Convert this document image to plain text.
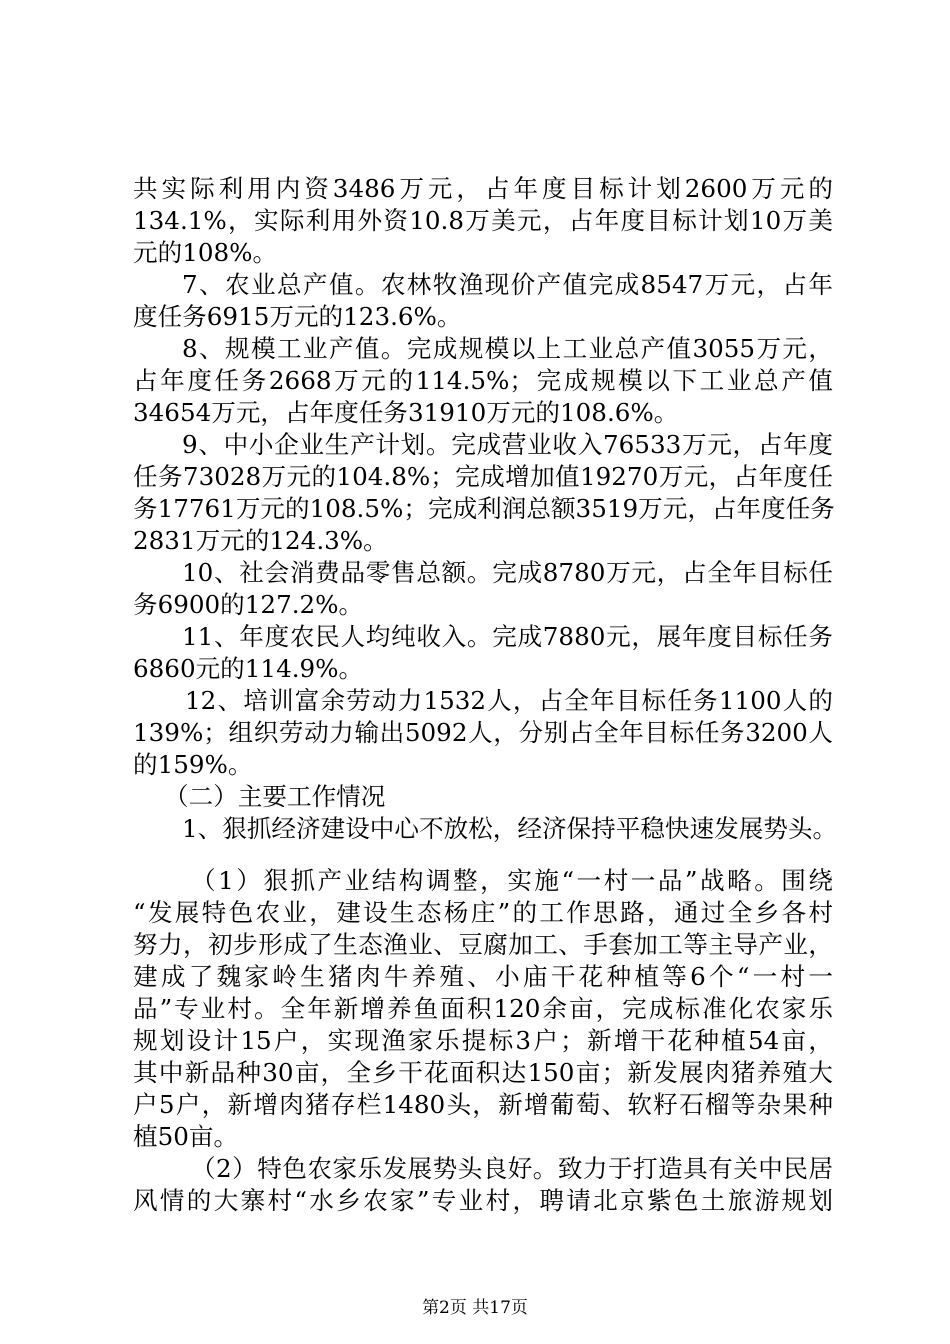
共实际利用内资3486万元，占年度目标计划2600万元的
134.1%，实际利用外资10.8万美元，占年度目标计划10万美
元的108%。
7、农业总产值。农林牧渔现价产值完成8547万元，占年
度任务6915万元的123.6%。
8、规模工业产值。完成规模以上工业总产值3055万元，
占年度任务2668万元的114.5%；完成规模以下工业总产值
34654万元，占年度任务31910万元的108.6%。
9、中小企业生产计划。完成营业收入76533万元，占年度
任务73028万元的104.8%；完成增加值19270万元，占年度任
务17761万元的108.5%；完成利润总额3519万元，占年度任务
2831万元的124.3%。
10、社会消费品零售总额。完成8780万元，占全年目标任
务6900的127.2%。
11、年度农民人均纯收入。完成7880元，展年度目标任务
6860元的114.9%。
12、培训富余劳动力1532人，占全年目标任务1100人的
139%；组织劳动力输出5092人，分别占全年目标任务3200人
的159%。
（二）主要工作情况
1、狠抓经济建设中心不放松，经济保持平稳快速发展势头。
（1）狠抓产业结构调整，实施“一村一品”战略。围绕
“发展特色农业，建设生态杨庄”的工作思路，通过全乡各村
努力，初步形成了生态渔业、豆腐加工、手套加工等主导产业，
建成了魏家岭生猪肉牛养殖、小庙干花种植等6个“一村一
品”专业村。全年新增养鱼面积120余亩，完成标准化农家乐
规划设计15户，实现渔家乐提标3户；新增干花种植54亩，
其中新品种30亩，全乡干花面积达150亩；新发展肉猪养殖大
户5户，新增肉猪存栏1480头，新增葡萄、软籽石榴等杂果种
植50亩。
（2）特色农家乐发展势头良好。致力于打造具有关中民居
风情的大寨村“水乡农家”专业村，聘请北京紫色土旅游规划
第2页 共17页
